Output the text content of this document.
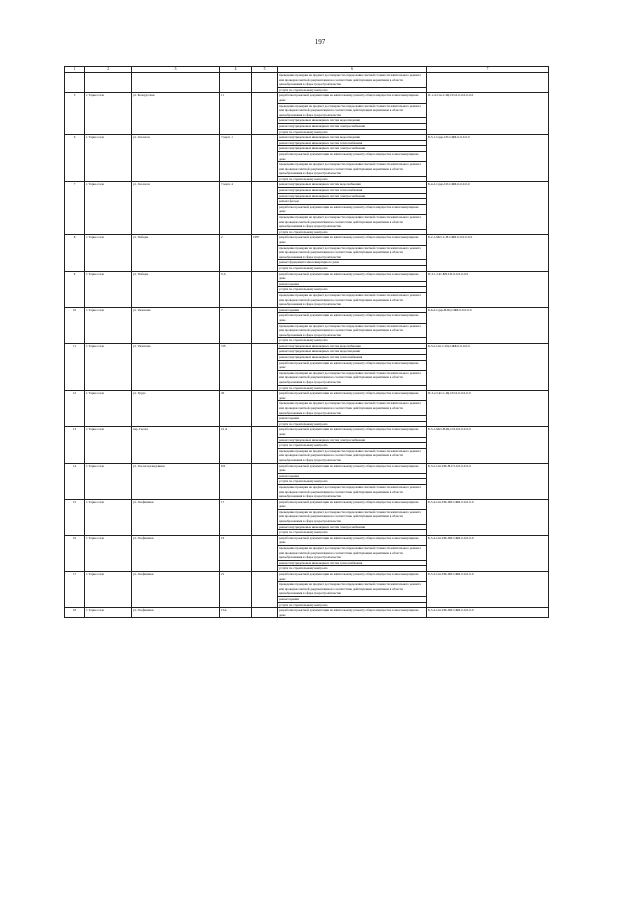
197
1	2	3	4	5	6	7
					проведение проверки на предмет достоверности определения сметной стоимости капитального ремонта или проверки сметной документации на соответствие действующим нормативам в области ценообразования в сфере градостроительства	
					услуги по строительному контролю	
5	г. Тарко-Сале	ул. Белорусская	11		разработка проектной документации на капитальному ремонту общего имущества в многоквартирном доме	П-1-4-Ств-С-Щ-СП-0-0-0-0-0-0-0
					проведение проверки на предмет достоверности определения сметной стоимости капитального ремонта или проверки сметной документации на соответствие действующим нормативам в области ценообразования в сфере градостроительства	
					ремонт внутридомовых инженерных систем водоотведения	
					ремонт внутридомовых инженерных систем электроснабжения	
					услуги по строительному контролю	
6	г. Тарко-Сале	ул. Геологов	7 корп. 1		ремонт внутридомовых инженерных систем водоотведения	Б-3-1-Сдер-СП-СЖБ-0-0-0-0-0
					ремонт внутридомовых инженерных систем теплоснабжения	
					ремонт внутридомовых инженерных систем электроснабжения	
					разработка проектной документации на капитальному ремонту общего имущества в многоквартирном доме	
					проведение проверки на предмет достоверности определения сметной стоимости капитального ремонта или проверки сметной документации на соответствие действующим нормативам в области ценообразования в сфере градостроительства	
					услуги по строительному контролю	
7	г. Тарко-Сале	ул. Геологов	7 корп. 4		ремонт внутридомовых инженерных систем водоснабжения	Б-4-2-Сдер-СП-СЖБ-0-0-0-0-0
					ремонт внутридомовых инженерных систем теплоснабжения	
					ремонт внутридомовых инженерных систем электроснабжения	
					ремонт фасада	
					разработка проектной документации на капитальному ремонту общего имущества в многоквартирном доме	
					проведение проверки на предмет достоверности определения сметной стоимости капитального ремонта или проверки сметной документации на соответствие действующим нормативам в области ценообразования в сфере градостроительства	
					услуги по строительному контролю	
8	г. Тарко-Сале	ул. Победы	2	1987	разработка проектной документации на капитальному ремонту общего имущества в многоквартирном доме	Б-2-1-Мет-С-Н-СЖБ-0-0-0-0-0-0
					проведение проверки на предмет достоверности определения сметной стоимости капитального ремонта или проверки сметной документации на соответствие действующим нормативам в области ценообразования в сфере градостроительства	
					ремонт фундамента многоквартирного дома	
					услуги по строительному контролю	
9	г. Тарко-Сале	ул. Победы	9 А		разработка проектной документации на капитальному ремонту общего имущества в многоквартирном доме	П-3-1-Свт-БН-СП-0-0-0-0-0-0
					ремонт крыши	
					услуги по строительному контролю	
					проведение проверки на предмет достоверности определения сметной стоимости капитального ремонта или проверки сметной документации на соответствие действующим нормативам в области ценообразования в сфере градостроительства	
10	г. Тарко-Сале	ул. Тихонова	7		ремонт крыши	Б-6-2-Сдер-В-Щ-СЖБ-0-0-0-0-0
					разработка проектной документации на капитальному ремонту общего имущества в многоквартирном доме	
					проведение проверки на предмет достоверности определения сметной стоимости капитального ремонта или проверки сметной документации на соответствие действующим нормативам в области ценообразования в сфере градостроительства	
					услуги по строительному контролю	
11	г. Тарко-Сале	ул. Тихонова	5 В		ремонт внутридомовых инженерных систем водоснабжения	Б-3-2-Свт-С-Щ-СЖБ-0-0-0-0-0
					ремонт внутридомовых инженерных систем водоотведения	
					ремонт внутридомовых инженерных систем теплоснабжения	
					разработка проектной документации на капитальному ремонту общего имущества в многоквартирном доме	
					проведение проверки на предмет достоверности определения сметной стоимости капитального ремонта или проверки сметной документации на соответствие действующим нормативам в области ценообразования в сфере градостроительства	
					услуги по строительному контролю	
12	г. Тарко-Сале	ул. Труда	20		разработка проектной документации на капитальному ремонту общего имущества в многоквартирном доме	П-3-2-Свт-С-Щ-СП-0-0-0-0-0-0
					проведение проверки на предмет достоверности определения сметной стоимости капитального ремонта или проверки сметной документации на соответствие действующим нормативам в области ценообразования в сфере градостроительства	
					ремонт крыши	
					услуги по строительному контролю	
13	г. Тарко-Сале	пер. Геолог	10 А		разработка проектной документации на капитальному ремонту общего имущества в многоквартирном доме	Б-5-1-Мет-В-Щ-СП-0-0-0-0-0-0
					ремонт внутридомовых инженерных систем электроснабжения	
					услуги по строительному контролю	
					проведение проверки на предмет достоверности определения сметной стоимости капитального ремонта или проверки сметной документации на соответствие действующим нормативам в области ценообразования в сфере градостроительства	
14	г. Тарко-Сале	ул. Геологоразведчиков	8 Б		разработка проектной документации на капитальному ремонту общего имущества в многоквартирном доме	Б-3-2-Свт-ПК-Н-СЗ-0-0-0-0-0-0
					ремонт крыши	
					услуги по строительному контролю	
					проведение проверки на предмет достоверности определения сметной стоимости капитального ремонта или проверки сметной документации на соответствие действующим нормативам в области ценообразования в сфере градостроительства	
15	г. Тарко-Сале	ул. Геофизиков	17		разработка проектной документации на капитальному ремонту общего имущества в многоквартирном доме	Б-5-4-Свт-ПК-ПП-СЖБ-0-0-0-0-0
					проведение проверки на предмет достоверности определения сметной стоимости капитального ремонта или проверки сметной документации на соответствие действующим нормативам в области ценообразования в сфере градостроительства	
					ремонт внутридомовых инженерных систем электроснабжения	
					услуги по строительному контролю	
16	г. Тарко-Сале	ул. Геофизиков	19		разработка проектной документации на капитальному ремонту общего имущества в многоквартирном доме	Б-5-4-Свт-ПК-ПП-СЖБ-0-0-0-0-0
					проведение проверки на предмет достоверности определения сметной стоимости капитального ремонта или проверки сметной документации на соответствие действующим нормативам в области ценообразования в сфере градостроительства	
					ремонт внутридомовых инженерных систем теплоснабжения	
					услуги по строительному контролю	
17	г. Тарко-Сале	ул. Геофизиков	21		разработка проектной документации на капитальному ремонту общего имущества в многоквартирном доме	Б-5-3-Свт-ПК-ПП-СЖБ-0-0-0-0-0
					проведение проверки на предмет достоверности определения сметной стоимости капитального ремонта или проверки сметной документации на соответствие действующим нормативам в области ценообразования в сфере градостроительства	
					ремонт крыши	
					услуги по строительному контролю	
18	г. Тарко-Сале	ул. Геофизиков	15А		разработка проектной документации на капитальному ремонту общего имущества в многоквартирном доме	Б-5-4-Свт-ПК-ПП-СЖБ-0-0-0-0-0
